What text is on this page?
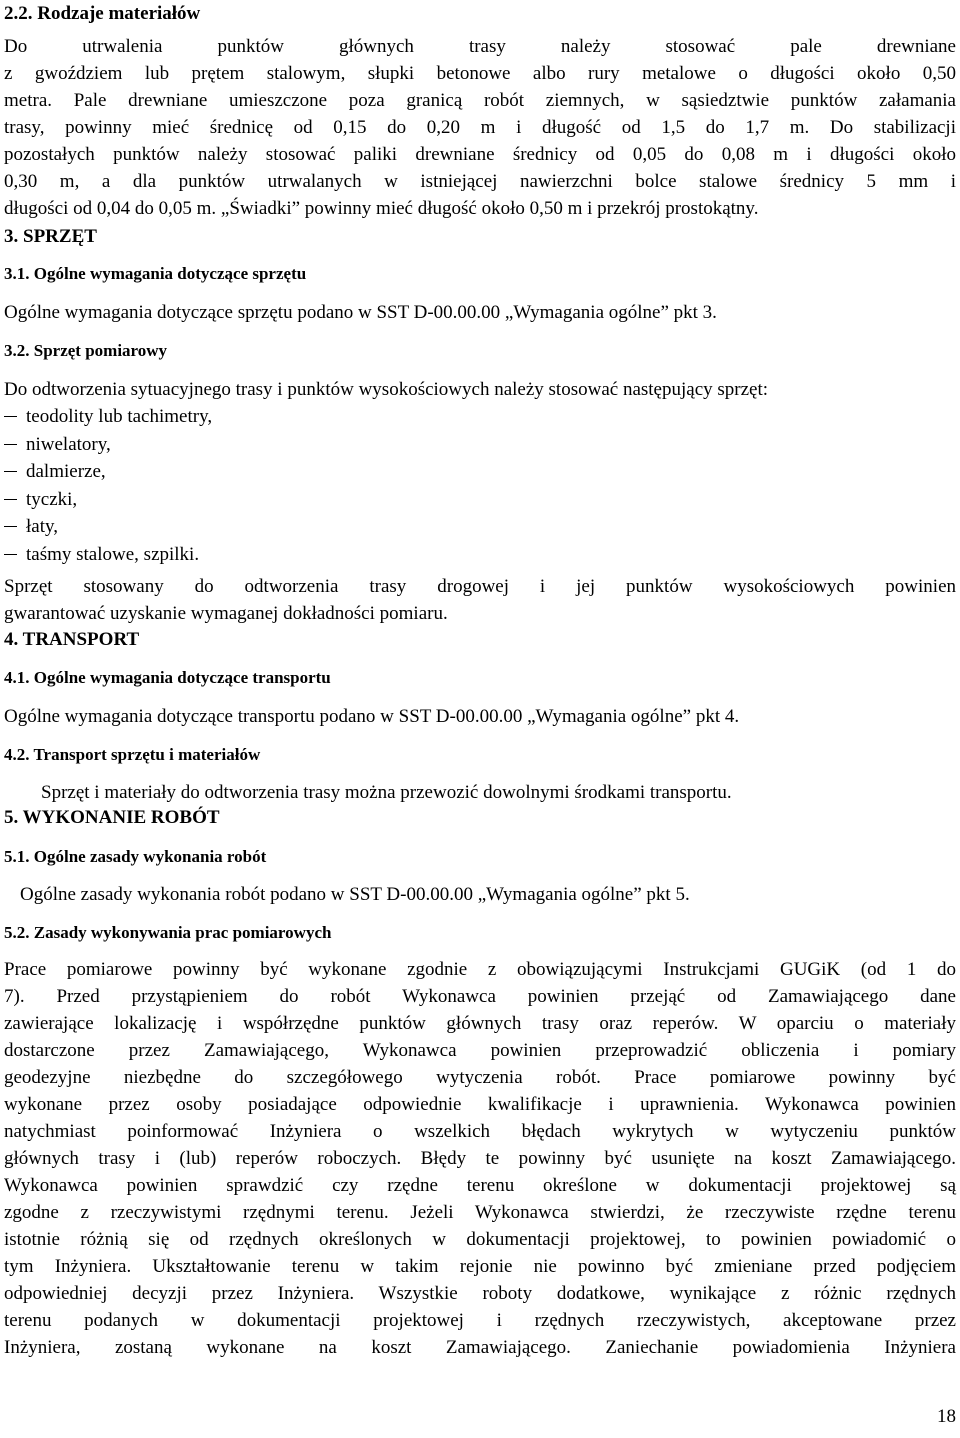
2.2. Rodzaje materiałów

Do utrwalenia punktów głównych trasy należy stosować pale drewniane

z gwoździem lub prętem stalowym, słupki betonowe albo rury metalowe o długości około 0,50

metra. Pale drewniane umieszczone poza granicą robót ziemnych, w sąsiedztwie punktów załamania

trasy, powinny mieć średnicę od 0,15 do 0,20 m i długość od 1,5 do 1,7 m. Do stabilizacji

pozostałych punktów należy stosować paliki drewniane średnicy od 0,05 do 0,08 m i długości około

0,30 m, a dla punktów utrwalanych w istniejącej nawierzchni bolce stalowe średnicy 5 mm i

długości od 0,04 do 0,05 m. „Świadki” powinny mieć długość około 0,50 m i przekrój prostokątny.

3. SPRZĘT

3.1. Ogólne wymagania dotyczące sprzętu

Ogólne wymagania dotyczące sprzętu podano w SST D-00.00.00 „Wymagania ogólne” pkt 3.

3.2. Sprzęt pomiarowy

Do odtworzenia sytuacyjnego trasy i punktów wysokościowych należy stosować następujący sprzęt:

teodolity lub tachimetry,

niwelatory,

dalmierze,

tyczki,

łaty,

taśmy stalowe, szpilki.

Sprzęt stosowany do odtworzenia trasy drogowej i jej punktów wysokościowych powinien

gwarantować uzyskanie wymaganej dokładności pomiaru.

4. TRANSPORT

4.1. Ogólne wymagania dotyczące transportu

Ogólne wymagania dotyczące transportu podano w SST D-00.00.00 „Wymagania ogólne” pkt 4.

4.2. Transport sprzętu i materiałów

Sprzęt i materiały do odtworzenia trasy można przewozić dowolnymi środkami transportu.

5. WYKONANIE ROBÓT

5.1. Ogólne zasady wykonania robót

Ogólne zasady wykonania robót podano w SST D-00.00.00 „Wymagania ogólne” pkt 5.

5.2. Zasady wykonywania prac pomiarowych

Prace pomiarowe powinny być wykonane zgodnie z obowiązującymi Instrukcjami GUGiK (od 1 do

7). Przed przystąpieniem do robót Wykonawca powinien przejąć od Zamawiającego dane

zawierające lokalizację i współrzędne punktów głównych trasy oraz reperów. W oparciu o materiały

dostarczone przez Zamawiającego, Wykonawca powinien przeprowadzić obliczenia i pomiary

geodezyjne niezbędne do szczegółowego wytyczenia robót. Prace pomiarowe powinny być

wykonane przez osoby posiadające odpowiednie kwalifikacje i uprawnienia. Wykonawca powinien

natychmiast poinformować Inżyniera o wszelkich błędach wykrytych w wytyczeniu punktów

głównych trasy i (lub) reperów roboczych. Błędy te powinny być usunięte na koszt Zamawiającego.

Wykonawca powinien sprawdzić czy rzędne terenu określone w dokumentacji projektowej są

zgodne z rzeczywistymi rzędnymi terenu. Jeżeli Wykonawca stwierdzi, że rzeczywiste rzędne terenu

istotnie różnią się od rzędnych określonych w dokumentacji projektowej, to powinien powiadomić o

tym Inżyniera. Ukształtowanie terenu w takim rejonie nie powinno być zmieniane przed podjęciem

odpowiedniej decyzji przez Inżyniera. Wszystkie roboty dodatkowe, wynikające z różnic rzędnych

terenu podanych w dokumentacji projektowej i rzędnych rzeczywistych, akceptowane przez

Inżyniera, zostaną wykonane na koszt Zamawiającego. Zaniechanie powiadomienia Inżyniera

18
